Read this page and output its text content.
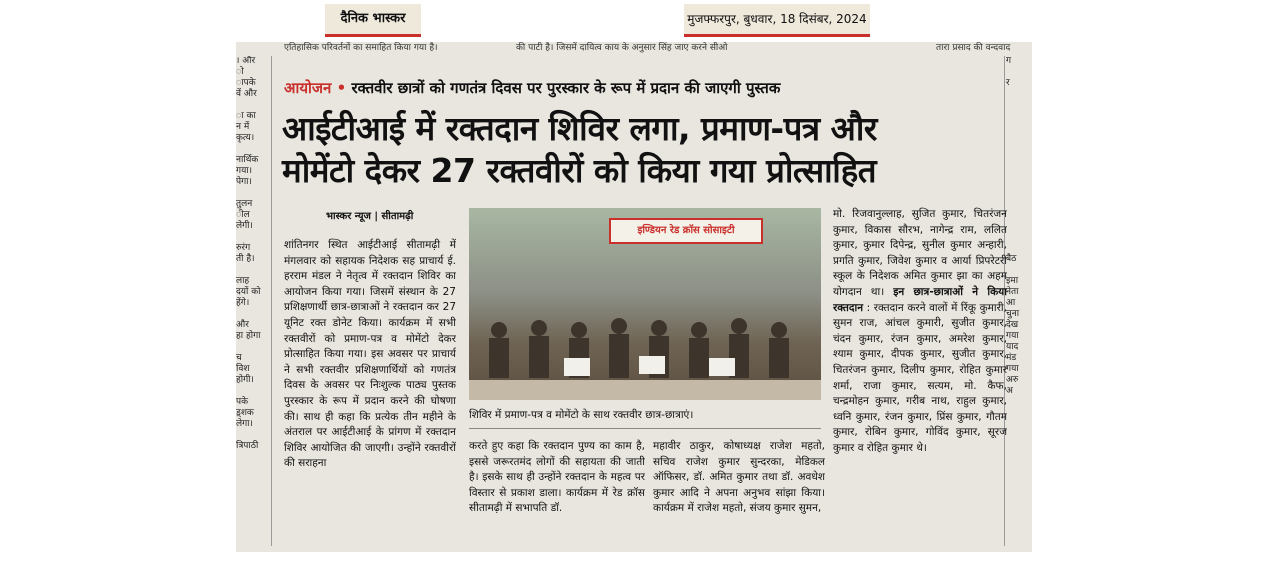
दैनिक भास्कर	मुजफ्फरपुर, बुधवार, 18 दिसंबर, 2024
एतिहासिक परिवर्तनों का समाहित किया गया है।	की पाटी है। जिसमें दायित्व काय के अनुसार सिंह जाए करने सीओ	तारा प्रसाद की वन्दवाद
। और
ो
ापके
वें और

ा का
न में
कृत्य।

नार्थिक
गया।
पेगा।

तुलन
ील
लेगी।

रुरंग
ती है।

लाह
दयों को
हेंगे।

और
हा होगा

च
विश
होगी।

पके
ड़्शक
लेगा।

त्रिपाठी
ग

र

बैठ

इमा
नेता
आ
चुना
देख
गया
याद
मंड
गया
अरु
अ
आयोजन • रक्तवीर छात्रों को गणतंत्र दिवस पर पुरस्कार के रूप में प्रदान की जाएगी पुस्तक
आईटीआई में रक्तदान शिविर लगा, प्रमाण-पत्र और
मोमेंटो देकर 27 रक्तवीरों को किया गया प्रोत्साहित
भास्कर न्यूज | सीतामढ़ी
शांतिनगर स्थित आईटीआई सीतामढ़ी में मंगलवार को सहायक निदेशक सह प्राचार्य ई. हरराम मंडल ने नेतृत्व में रक्तदान शिविर का आयोजन किया गया। जिसमें संस्थान के 27 प्रशिक्षणार्थी छात्र-छात्राओं ने रक्तदान कर 27 यूनिट रक्त डोनेट किया। कार्यक्रम में सभी रक्तवीरों को प्रमाण-पत्र व मोमेंटो देकर प्रोत्साहित किया गया। इस अवसर पर प्राचार्य ने सभी रक्तवीर प्रशिक्षणार्थियों को गणतंत्र दिवस के अवसर पर निःशुल्क पाठ्य पुस्तक पुरस्कार के रूप में प्रदान करने की घोषणा की। साथ ही कहा कि प्रत्येक तीन महीने के अंतराल पर आईटीआई के प्रांगण में रक्तदान शिविर आयोजित की जाएगी। उन्होंने रक्तवीरों की सराहना
इण्डियन रेड क्रॉस सोसाइटी
शिविर में प्रमाण-पत्र व मोमेंटो के साथ रक्तवीर छात्र-छात्राएं।
करते हुए कहा कि रक्तदान पुण्य का काम है, इससे जरूरतमंद लोगों की सहायता की जाती है। इसके साथ ही उन्होंने रक्तदान के महत्व पर विस्तार से प्रकाश डाला। कार्यक्रम में रेड क्रॉस सीतामढ़ी में सभापति डॉ.
महावीर ठाकुर, कोषाध्यक्ष राजेश महतो, सचिव राजेश कुमार सुन्दरका, मेडिकल ऑफिसर, डॉ. अमित कुमार तथा डॉ. अवधेश कुमार आदि ने अपना अनुभव सांझा किया। कार्यक्रम में राजेश महतो, संजय कुमार सुमन,
मो. रिजवानुल्लाह, सुजित कुमार, चितरंजन कुमार, विकास सौरभ, नागेन्द्र राम, ललित कुमार, कुमार दिपेन्द्र, सुनील कुमार अन्हारी, प्रगति कुमार, जिवेश कुमार व आर्या प्रिपरेटरी स्कूल के निदेशक अमित कुमार झा का अहम योगदान था। इन छात्र-छात्राओं ने किया रक्तदान : रक्तदान करने वालों में रिंकू कुमारी, सुमन राज, आंचल कुमारी, सुजीत कुमार, चंदन कुमार, रंजन कुमार, अमरेश कुमार, श्याम कुमार, दीपक कुमार, सुजीत कुमार, चितरंजन कुमार, दिलीप कुमार, रोहित कुमार शर्मा, राजा कुमार, सत्यम, मो. कैफ, चन्द्रमोहन कुमार, गरीब नाथ, राहुल कुमार, ध्वनि कुमार, रंजन कुमार, प्रिंस कुमार, गौतम कुमार, रोबिन कुमार, गोविंद कुमार, सूरज कुमार व रोहित कुमार थे।
